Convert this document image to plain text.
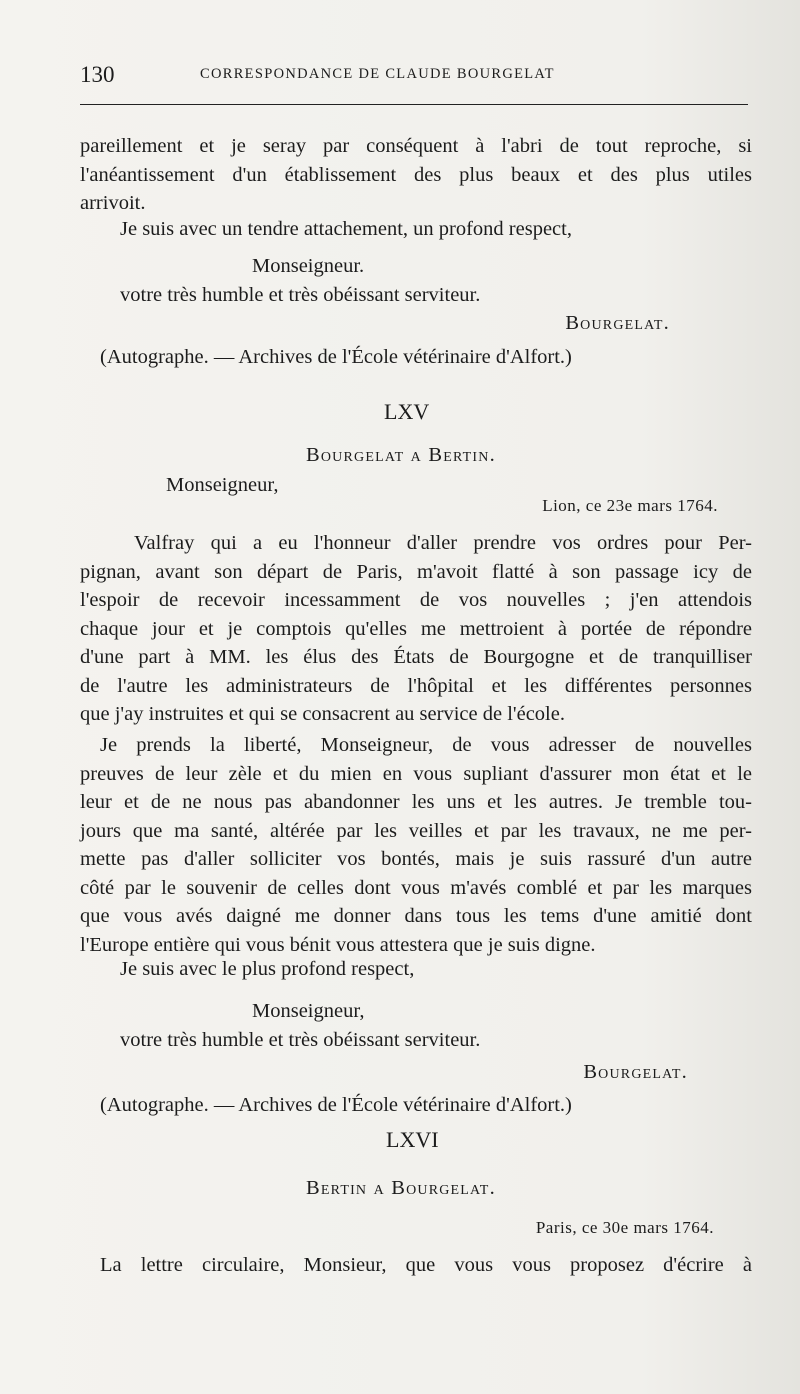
130	CORRESPONDANCE DE CLAUDE BOURGELAT
pareillement et je seray par conséquent à l'abri de tout reproche, si
l'anéantissement d'un établissement des plus beaux et des plus utiles
arrivoit.
Je suis avec un tendre attachement, un profond respect,
Monseigneur.
votre très humble et très obéissant serviteur.
Bourgelat.
(Autographe. — Archives de l'École vétérinaire d'Alfort.)
LXV
Bourgelat a Bertin.
Monseigneur,
Lion, ce 23e mars 1764.
Valfray qui a eu l'honneur d'aller prendre vos ordres pour Per-
pignan, avant son départ de Paris, m'avoit flatté à son passage icy de
l'espoir de recevoir incessamment de vos nouvelles ; j'en attendois
chaque jour et je comptois qu'elles me mettroient à portée de répondre
d'une part à MM. les élus des États de Bourgogne et de tranquilliser
de l'autre les administrateurs de l'hôpital et les différentes personnes
que j'ay instruites et qui se consacrent au service de l'école.
Je prends la liberté, Monseigneur, de vous adresser de nouvelles
preuves de leur zèle et du mien en vous supliant d'assurer mon état et le
leur et de ne nous pas abandonner les uns et les autres. Je tremble tou-
jours que ma santé, altérée par les veilles et par les travaux, ne me per-
mette pas d'aller solliciter vos bontés, mais je suis rassuré d'un autre
côté par le souvenir de celles dont vous m'avés comblé et par les marques
que vous avés daigné me donner dans tous les tems d'une amitié dont
l'Europe entière qui vous bénit vous attestera que je suis digne.
Je suis avec le plus profond respect,
Monseigneur,
votre très humble et très obéissant serviteur.
Bourgelat.
(Autographe. — Archives de l'École vétérinaire d'Alfort.)
LXVI
Bertin a Bourgelat.
Paris, ce 30e mars 1764.
La lettre circulaire, Monsieur, que vous vous proposez d'écrire à
